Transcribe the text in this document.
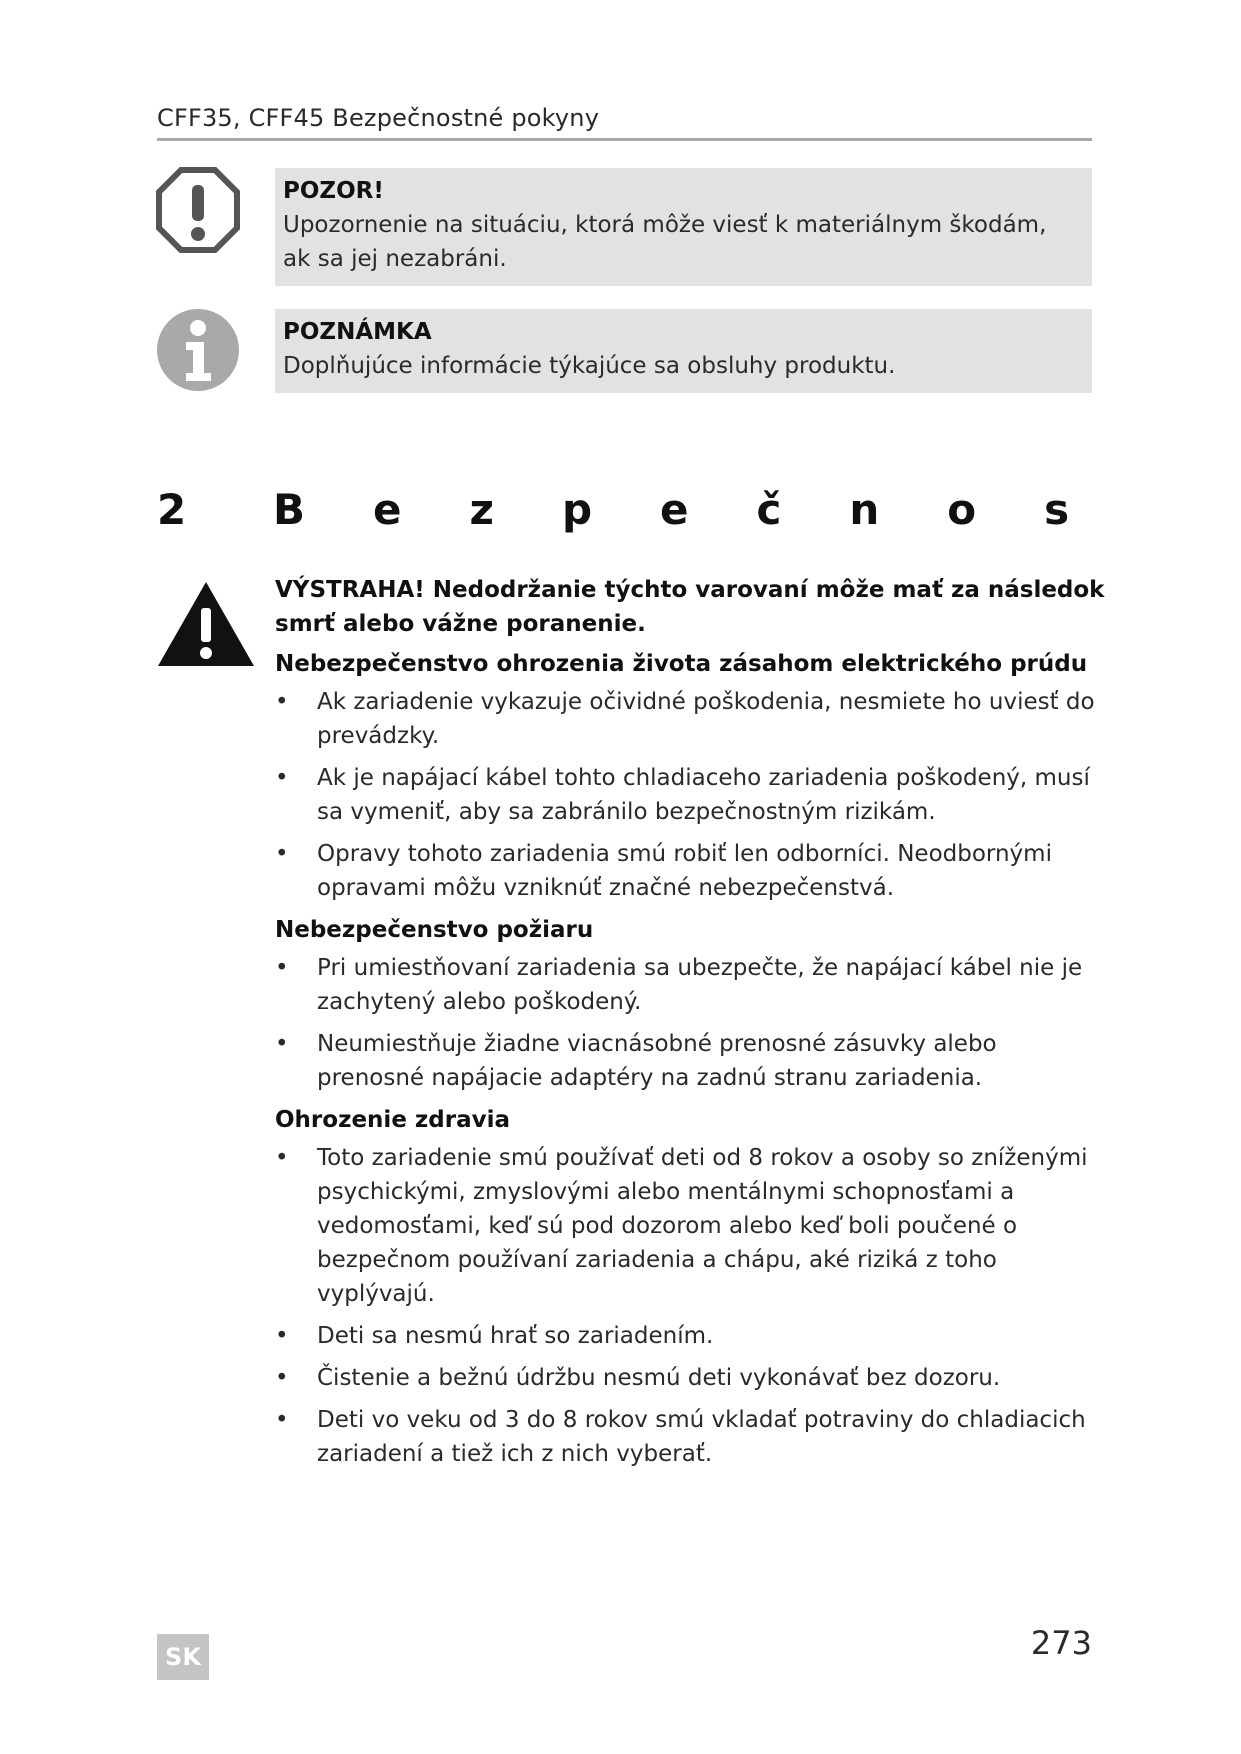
CFF35, CFF45 Bezpečnostné pokyny
POZOR!
Upozornenie na situáciu, ktorá môže viesť k materiálnym škodám, ak sa jej nezabráni.
POZNÁMKA
Doplňujúce informácie týkajúce sa obsluhy produktu.
2 Bezpečnos

VÝSTRAHA! Nedodržanie týchto varovaní môže mať za následok smrť alebo vážne poranenie.

Nebezpečenstvo ohrozenia života zásahom elektrického prúdu

• Ak zariadenie vykazuje očividné poškodenia, nesmiete ho uviesť do prevádzky.
• Ak je napájací kábel tohto chladiaceho zariadenia poškodený, musí sa vymeniť, aby sa zabránilo bezpečnostným rizikám.
• Opravy tohoto zariadenia smú robiť len odborníci. Neodbornými opravami môžu vzniknúť značné nebezpečenstvá.

Nebezpečenstvo požiaru

• Pri umiestňovaní zariadenia sa ubezpečte, že napájací kábel nie je zachytený alebo poškodený.
• Neumiestňuje žiadne viacnásobné prenosné zásuvky alebo prenosné napájacie adaptéry na zadnú stranu zariadenia.

Ohrozenie zdravia

• Toto zariadenie smú používať deti od 8 rokov a osoby so zníženými psychickými, zmyslovými alebo mentálnymi schopnosťami a vedomosťami, keď sú pod dozorom alebo keď boli poučené o bezpečnom používaní zariadenia a chápu, aké riziká z toho vyplývajú.
• Deti sa nesmú hrať so zariadením.
• Čistenie a bežnú údržbu nesmú deti vykonávať bez dozoru.
• Deti vo veku od 3 do 8 rokov smú vkladať potraviny do chladiacich zariadení a tiež ich z nich vyberať.
SK	273
